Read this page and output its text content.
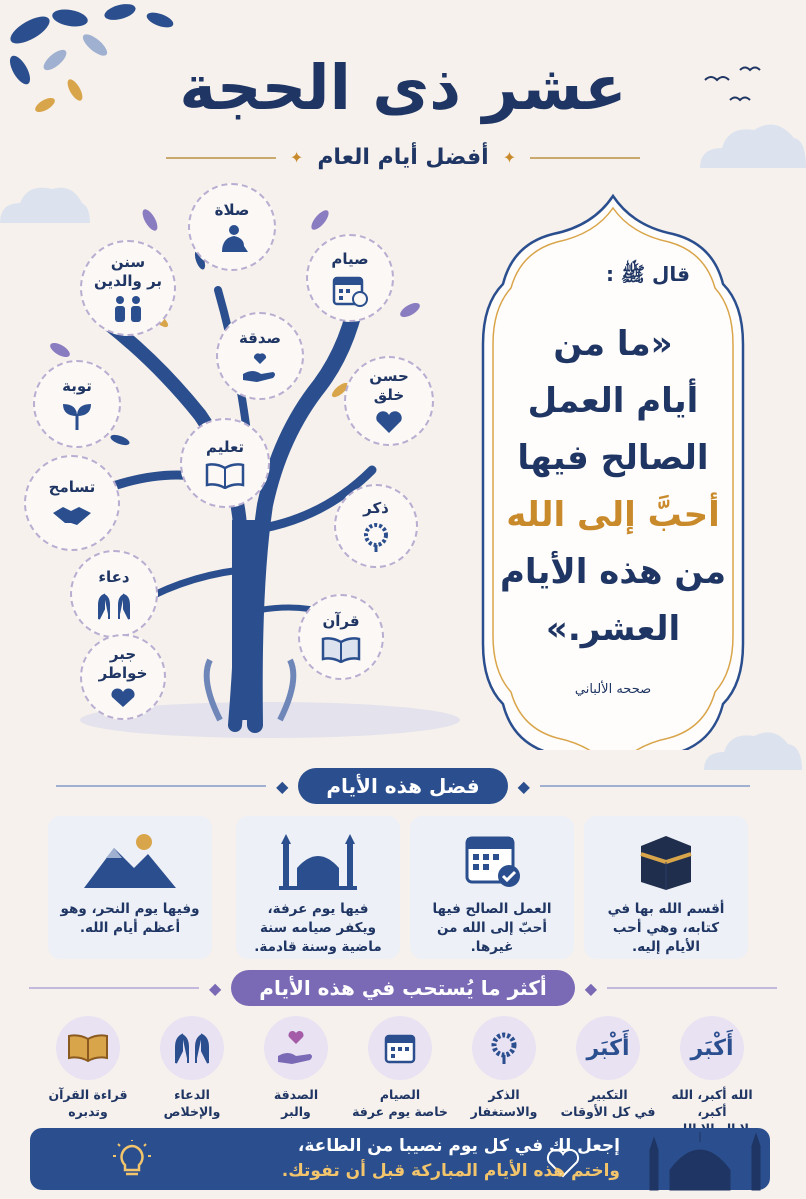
عشر ذى الحجة
✦ أفضل أيام العام ✦
صلاة
سنن
بر والدين
صيام
صدقة
توبة
حسن
خلق
تعليم
تسامح
ذكر
دعاء
قرآن
جبر
خواطر
قال ﷺ :
«ما من
أيام العمل
الصالح فيها
أحبَّ إلى الله
من هذه الأيام
العشر.»
صححه الألباني
◆	فضل هذه الأيام	◆
أقسم الله بها في كتابه، وهي أحب الأيام إليه.
العمل الصالح فيها أحبّ إلى الله من غيرها.
فيها يوم عرفة، ويكفر صيامه سنة ماضية وسنة قادمة.
وفيها يوم النحر، وهو أعظم أيام الله.
◆	أكثر ما يُستحب في هذه الأيام	◆
أَكْبَر
الله أكبر، الله أكبر،
أَكْبَر
التكبير
في كل الأوقات
الذكر
والاستغفار
الصيام
خاصة يوم عرفة
الصدقة
والبر
الدعاء
والإخلاص
قراءة القرآن
وتدبره
إجعل لك في كل يوم نصيبا من الطاعة،
واختم هذه الأيام المباركة قبل أن تفوتك.
